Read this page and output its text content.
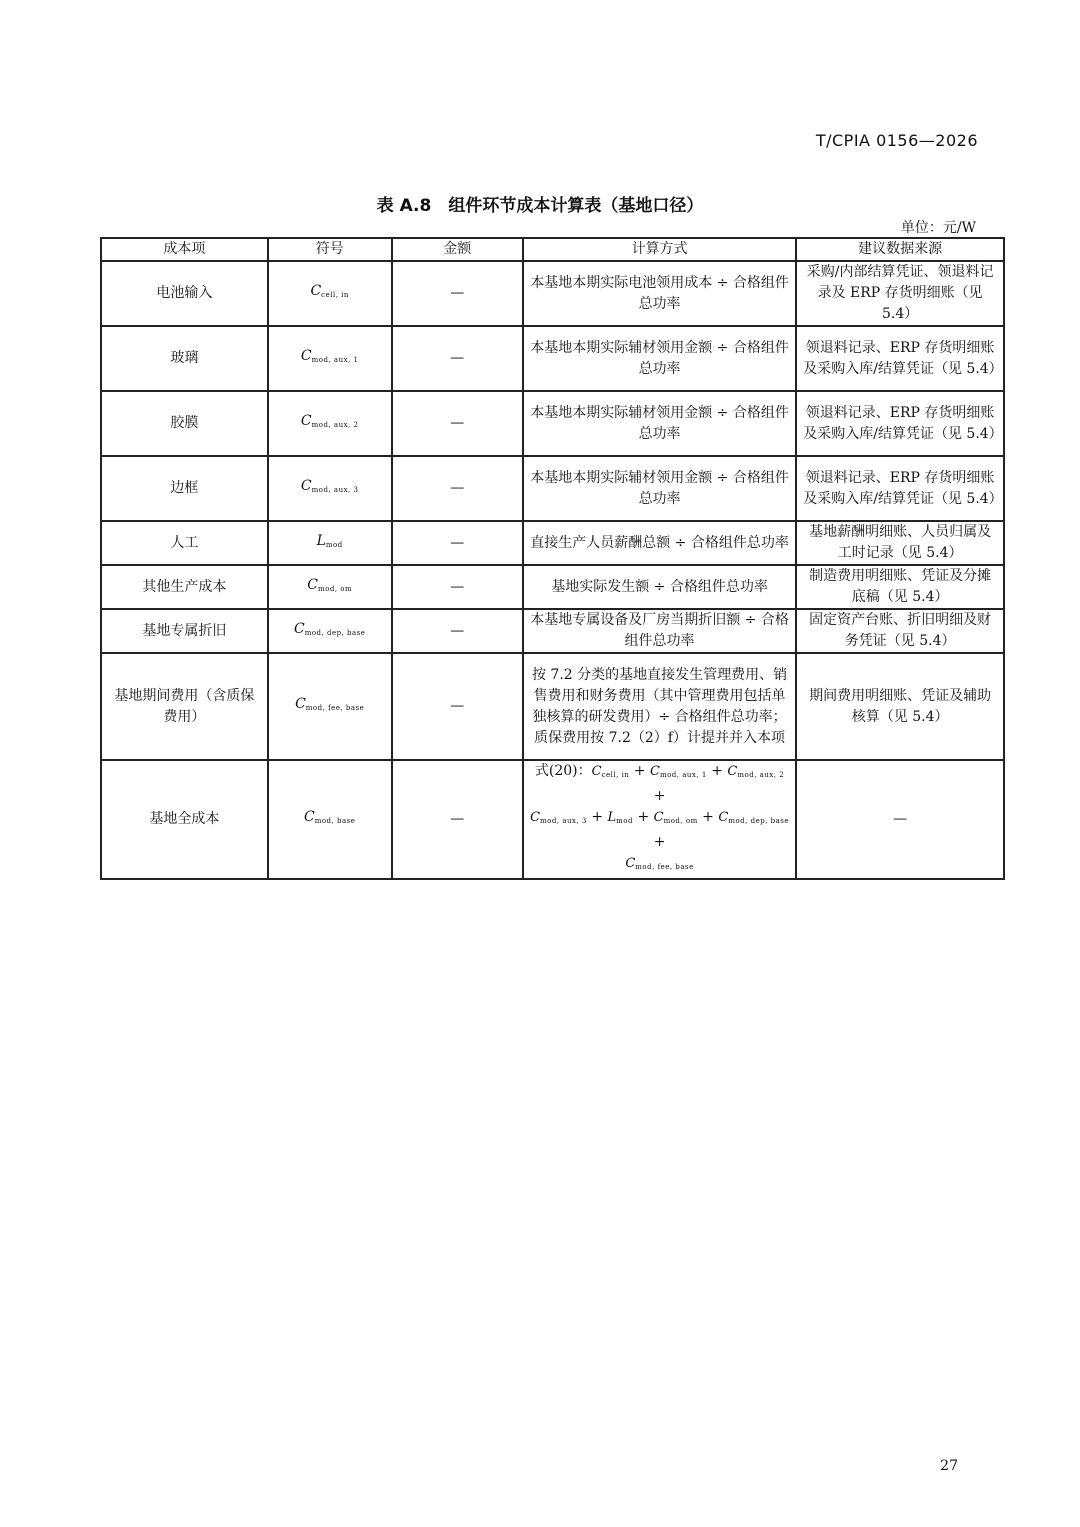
T/CPIA 0156—2026
表 A.8　组件环节成本计算表（基地口径）
单位：元/W
成本项	符号	金额	计算方式	建议数据来源
电池输入	$C_{cell, in}$	—	本基地本期实际电池领用成本 ÷ 合格组件总功率	采购/内部结算凭证、领退料记录及 ERP 存货明细账（见 5.4）
玻璃	$C_{mod, aux, 1}$	—	本基地本期实际辅材领用金额 ÷ 合格组件总功率	领退料记录、ERP 存货明细账及采购入库/结算凭证（见 5.4）
胶膜	$C_{mod, aux, 2}$	—	本基地本期实际辅材领用金额 ÷ 合格组件总功率	领退料记录、ERP 存货明细账及采购入库/结算凭证（见 5.4）
边框	$C_{mod, aux, 3}$	—	本基地本期实际辅材领用金额 ÷ 合格组件总功率	领退料记录、ERP 存货明细账及采购入库/结算凭证（见 5.4）
人工	$L_{mod}$	—	直接生产人员薪酬总额 ÷ 合格组件总功率	基地薪酬明细账、人员归属及工时记录（见 5.4）
其他生产成本	$C_{mod, om}$	—	基地实际发生额 ÷ 合格组件总功率	制造费用明细账、凭证及分摊底稿（见 5.4）
基地专属折旧	$C_{mod, dep, base}$	—	本基地专属设备及厂房当期折旧额 ÷ 合格组件总功率	固定资产台账、折旧明细及财务凭证（见 5.4）
基地期间费用（含质保费用）	$C_{mod, fee, base}$	—	按 7.2 分类的基地直接发生管理费用、销售费用和财务费用（其中管理费用包括单独核算的研发费用）÷ 合格组件总功率；质保费用按 7.2（2）f）计提并并入本项	期间费用明细账、凭证及辅助核算（见 5.4）
基地全成本	$C_{mod, base}$	—	式(20)：$C_{cell, in} + C_{mod, aux, 1} + C_{mod, aux, 2}$ +
$C_{mod, aux, 3} + L_{mod} + C_{mod, om} + C_{mod, dep, base}$ +
$C_{mod, fee, base}$	—
27
